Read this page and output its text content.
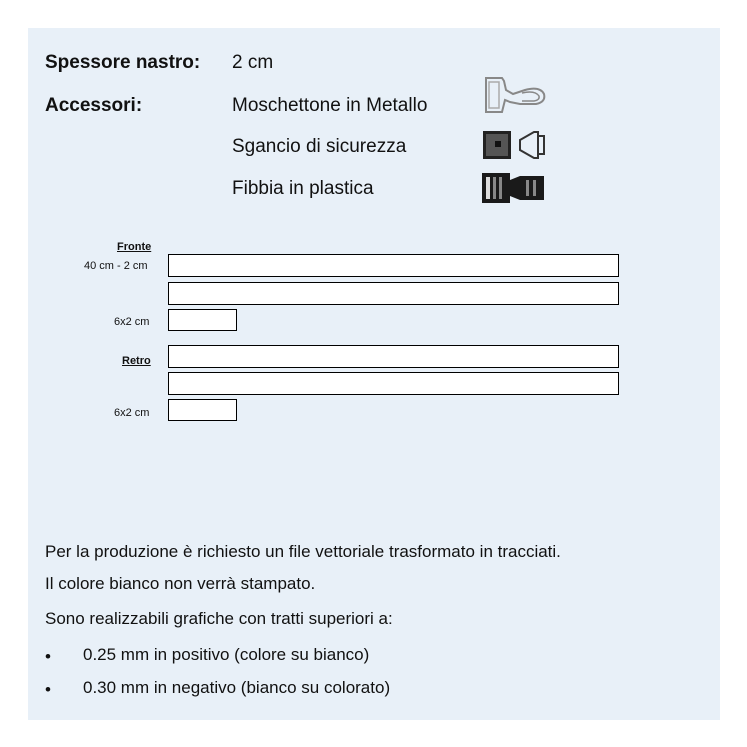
Spessore nastro: 2 cm
Accessori:	Moschettone in Metallo
Sgancio di sicurezza
Fibbia in plastica
Fronte
40 cm - 2 cm
6x2 cm
Retro
6x2 cm
Per la produzione è richiesto un file vettoriale trasformato in tracciati.
Il colore bianco non verrà stampato.
Sono realizzabili grafiche con tratti superiori a:
• 0.25 mm in positivo (colore su bianco)
• 0.30 mm in negativo (bianco su colorato)
